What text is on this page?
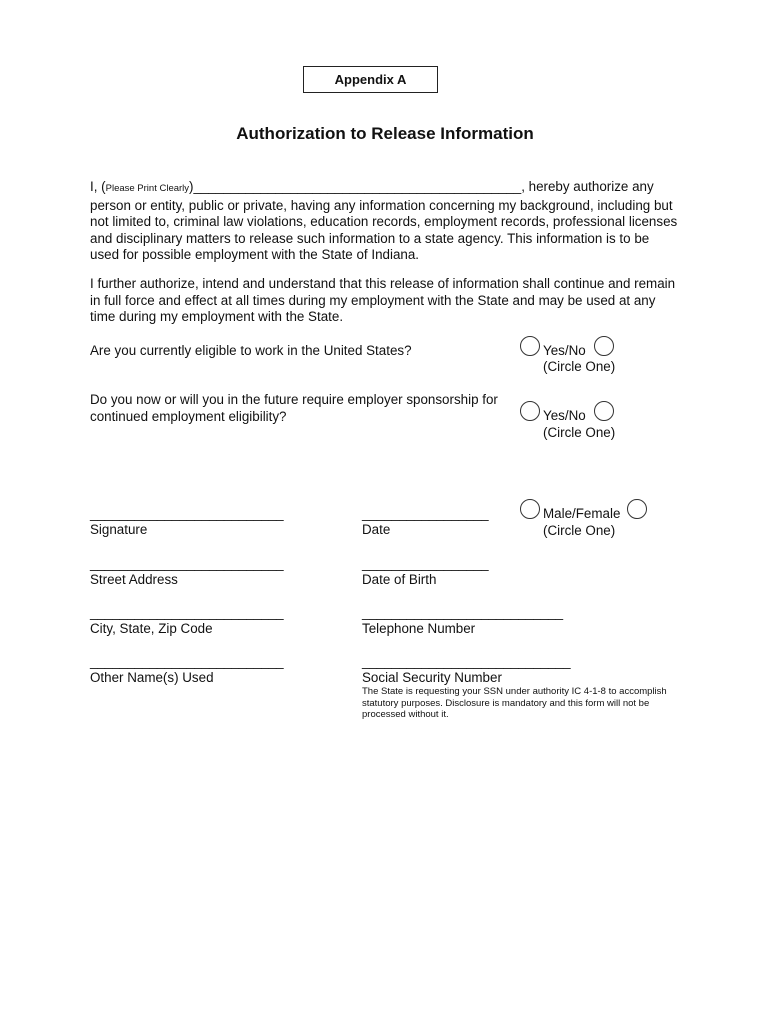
Appendix A
Authorization to Release Information
I, (Please Print Clearly)____________________________________________, hereby authorize any person or entity, public or private, having any information concerning my background, including but not limited to, criminal law violations, education records, employment records, professional licenses and disciplinary matters to release such information to a state agency. This information is to be used for possible employment with the State of Indiana.
I further authorize, intend and understand that this release of information shall continue and remain in full force and effect at all times during my employment with the State and may be used at any time during my employment with the State.
Are you currently eligible to work in the United States?	Yes/No
(Circle One)
Do you now or will you in the future require employer sponsorship for continued employment eligibility?	Yes/No
(Circle One)
Male/Female
(Circle One)
__________________________
Signature
_________________
Date
__________________________
Street Address
_________________
Date of Birth
__________________________
City, State, Zip Code
___________________________
Telephone Number
__________________________
Other Name(s) Used
____________________________
Social Security Number
The State is requesting your SSN under authority IC 4-1-8 to accomplish statutory purposes. Disclosure is mandatory and this form will not be processed without it.
